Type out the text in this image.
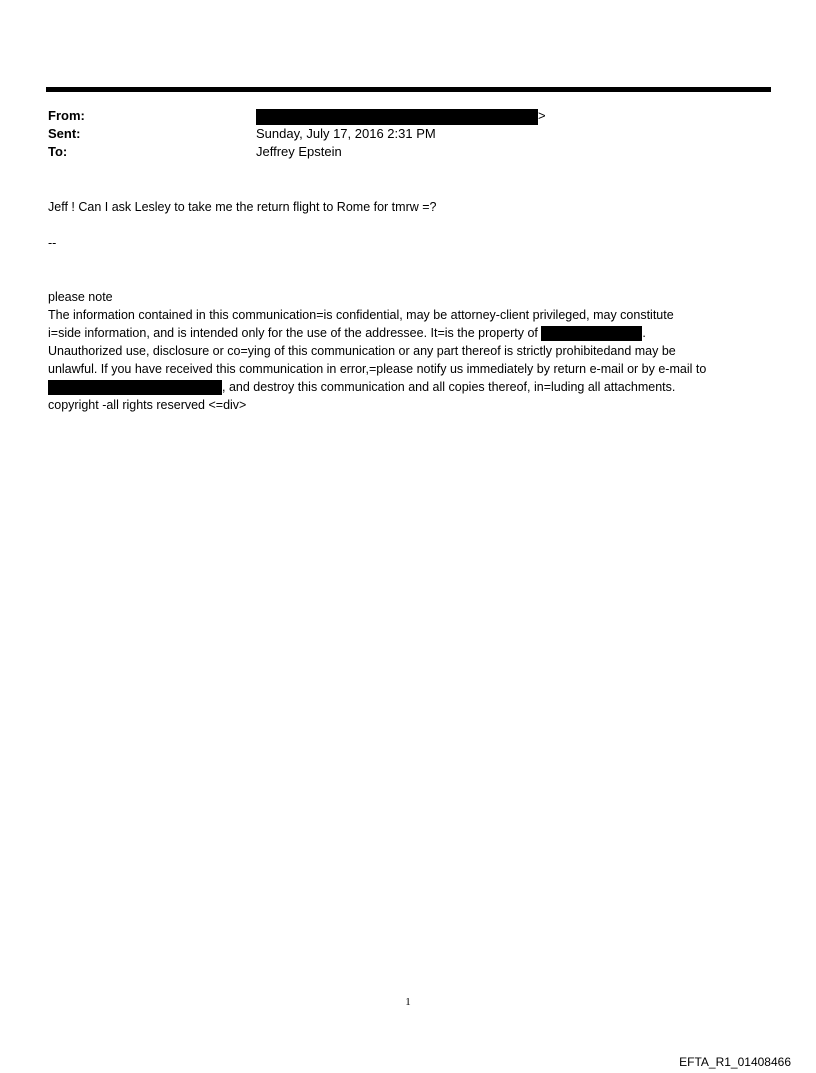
From:	>
Sent:	Sunday, July 17, 2016 2:31 PM
To:	Jeffrey Epstein
Jeff ! Can I ask Lesley to take me the return flight to Rome for tmrw =?
--
please note
The information contained in this communication=is confidential, may be attorney-client privileged, may constitute
i=side information, and is intended only for the use of the addressee. It=is the property of	.
Unauthorized use, disclosure or co=ying of this communication or any part thereof is strictly prohibitedand may be
unlawful. If you have received this communication in error,=please notify us immediately by return e-mail or by e-mail to
, and destroy this communication and all copies thereof, in=luding all attachments.
copyright -all rights reserved <=div>
1
EFTA_R1_01408466
